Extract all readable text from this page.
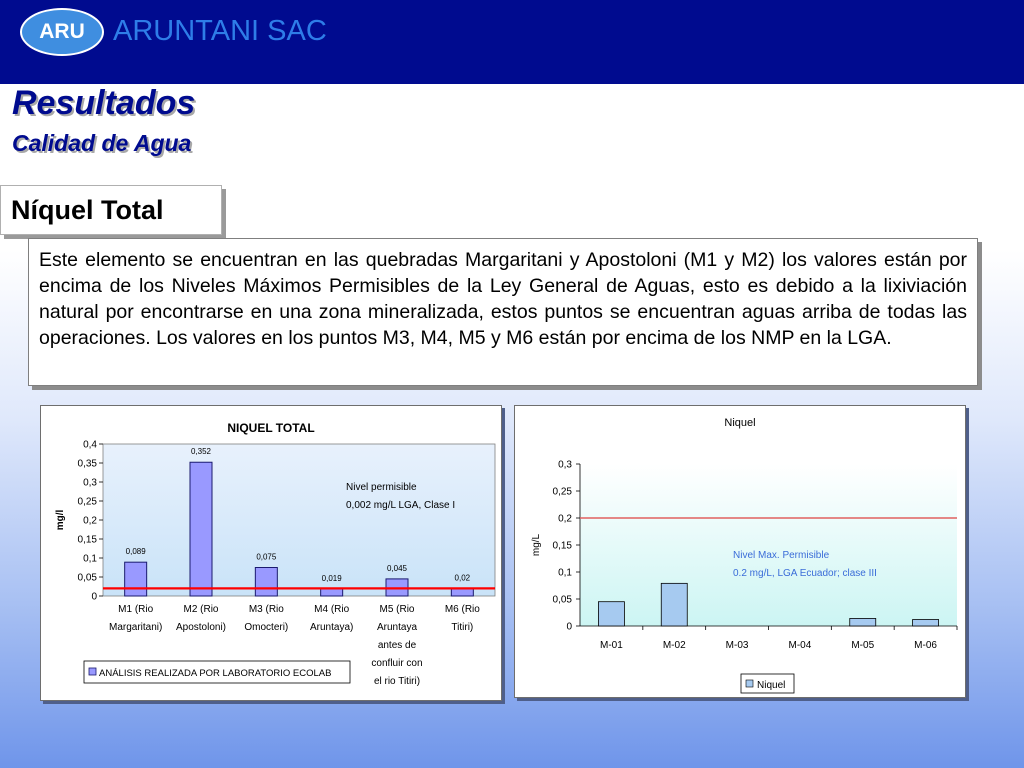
ARU ARUNTANI SAC
Resultados
Calidad de Agua
Níquel Total

Este elemento se encuentran en las quebradas Margaritani y Apostoloni (M1 y M2) los valores están por encima de los Niveles Máximos Permisibles de la Ley General de Aguas, esto es debido a la lixiviación natural por encontrarse en una zona mineralizada, estos puntos se encuentran aguas arriba de todas las operaciones. Los valores en los puntos M3, M4, M5 y M6 están por encima de los NMP en la LGA.

NIQUEL TOTAL
0
0,05
0,1
0,15
0,2
0,25
0,3
0,35
0,4
mg/l
0,089
M1 (Rio
Margaritani)
0,352
M2 (Rio
Apostoloni)
0,075
M3 (Rio
Omocteri)
0,019
M4 (Rio
Aruntaya)
0,045
M5 (Rio
Aruntaya
antes de
confluir con
el rio Titiri)
0,02
M6 (Rio
Titiri)
Nivel permisible
0,002 mg/L LGA, Clase I
ANÁLISIS REALIZADA POR LABORATORIO ECOLAB
Niquel
0
0,05
0,1
0,15
0,2
0,25
0,3
mg/L
M-01	M-02	M-03	M-04	M-05	M-06
Nivel Max. Permisible
0.2 mg/L, LGA Ecuador; clase III
Niquel
